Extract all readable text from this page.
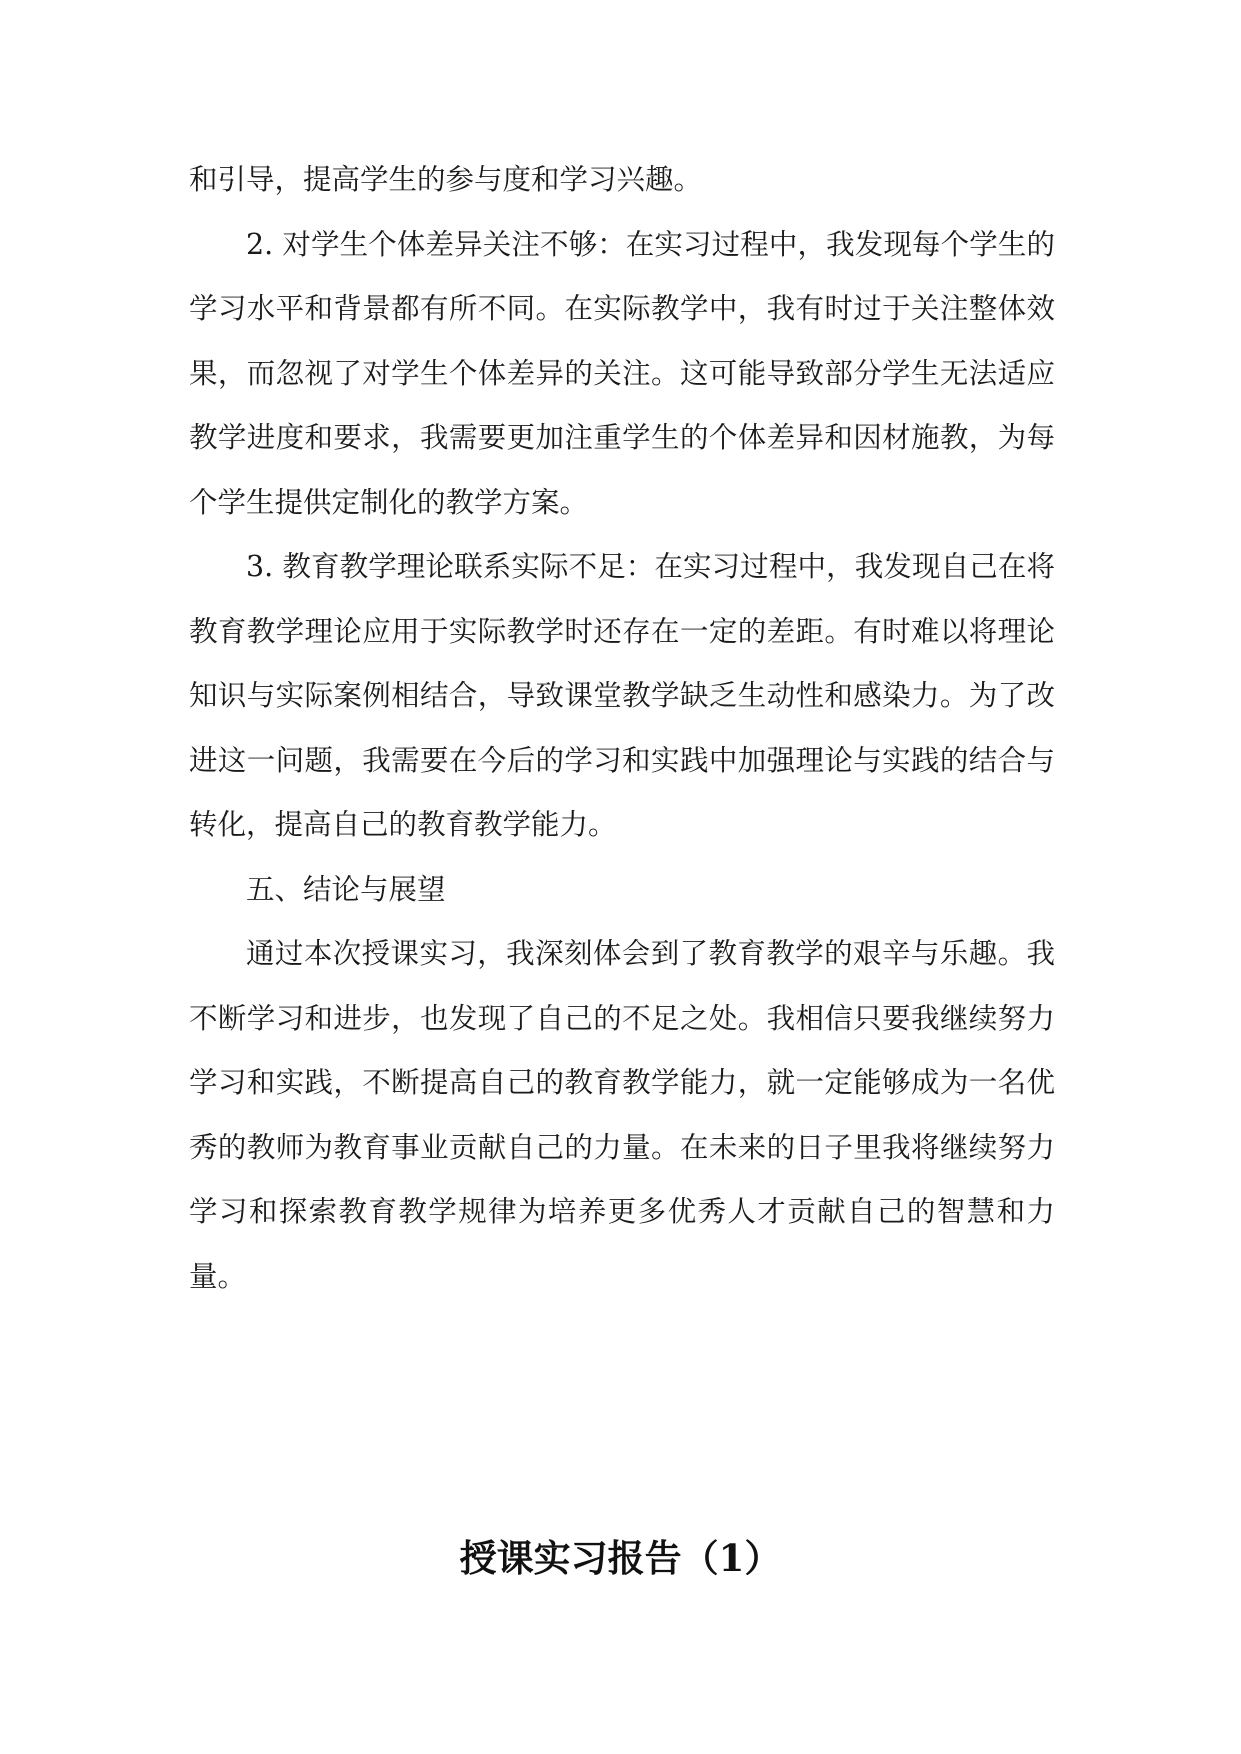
和引导，提高学生的参与度和学习兴趣。

2. 对学生个体差异关注不够：在实习过程中，我发现每个学生的学习水平和背景都有所不同。在实际教学中，我有时过于关注整体效果，而忽视了对学生个体差异的关注。这可能导致部分学生无法适应教学进度和要求，我需要更加注重学生的个体差异和因材施教，为每个学生提供定制化的教学方案。

3. 教育教学理论联系实际不足：在实习过程中，我发现自己在将教育教学理论应用于实际教学时还存在一定的差距。有时难以将理论知识与实际案例相结合，导致课堂教学缺乏生动性和感染力。为了改进这一问题，我需要在今后的学习和实践中加强理论与实践的结合与转化，提高自己的教育教学能力。

五、结论与展望

通过本次授课实习，我深刻体会到了教育教学的艰辛与乐趣。我不断学习和进步，也发现了自己的不足之处。我相信只要我继续努力学习和实践，不断提高自己的教育教学能力，就一定能够成为一名优秀的教师为教育事业贡献自己的力量。在未来的日子里我将继续努力学习和探索教育教学规律为培养更多优秀人才贡献自己的智慧和力量。

授课实习报告（1）
